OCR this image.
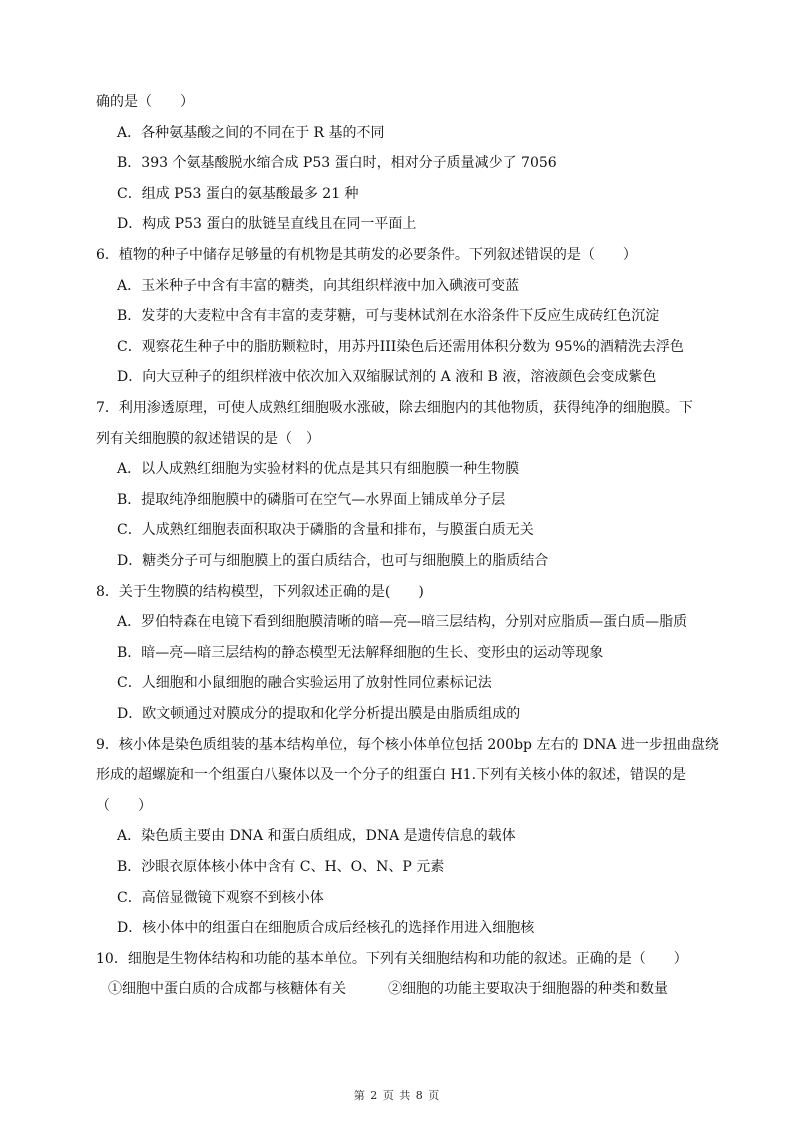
第 2 页 共 8 页
确的是（　　）
A．各种氨基酸之间的不同在于 R 基的不同
B．393 个氨基酸脱水缩合成 P53 蛋白时，相对分子质量减少了 7056
C．组成 P53 蛋白的氨基酸最多 21 种
D．构成 P53 蛋白的肽链呈直线且在同一平面上
6．植物的种子中储存足够量的有机物是其萌发的必要条件。下列叙述错误的是（　　）
A．玉米种子中含有丰富的糖类，向其组织样液中加入碘液可变蓝
B．发芽的大麦粒中含有丰富的麦芽糖，可与斐林试剂在水浴条件下反应生成砖红色沉淀
C．观察花生种子中的脂肪颗粒时，用苏丹III染色后还需用体积分数为 95%的酒精洗去浮色
D．向大豆种子的组织样液中依次加入双缩脲试剂的 A 液和 B 液，溶液颜色会变成紫色
7．利用渗透原理，可使人成熟红细胞吸水涨破，除去细胞内的其他物质，获得纯净的细胞膜。下
列有关细胞膜的叙述错误的是（　）
A．以人成熟红细胞为实验材料的优点是其只有细胞膜一种生物膜
B．提取纯净细胞膜中的磷脂可在空气—水界面上铺成单分子层
C．人成熟红细胞表面积取决于磷脂的含量和排布，与膜蛋白质无关
D．糖类分子可与细胞膜上的蛋白质结合，也可与细胞膜上的脂质结合
8．关于生物膜的结构模型，下列叙述正确的是(　　)
A．罗伯特森在电镜下看到细胞膜清晰的暗—亮—暗三层结构，分别对应脂质—蛋白质—脂质
B．暗—亮—暗三层结构的静态模型无法解释细胞的生长、变形虫的运动等现象
C．人细胞和小鼠细胞的融合实验运用了放射性同位素标记法
D．欧文顿通过对膜成分的提取和化学分析提出膜是由脂质组成的
9．核小体是染色质组装的基本结构单位，每个核小体单位包括 200bp 左右的 DNA 进一步扭曲盘绕
形成的超螺旋和一个组蛋白八聚体以及一个分子的组蛋白 H1.下列有关核小体的叙述，错误的是
（　　）
A．染色质主要由 DNA 和蛋白质组成，DNA 是遗传信息的载体
B．沙眼衣原体核小体中含有 C、H、O、N、P 元素
C．高倍显微镜下观察不到核小体
D．核小体中的组蛋白在细胞质合成后经核孔的选择作用进入细胞核
10．细胞是生物体结构和功能的基本单位。下列有关细胞结构和功能的叙述。正确的是（　　）
①细胞中蛋白质的合成都与核糖体有关　　　②细胞的功能主要取决于细胞器的种类和数量
